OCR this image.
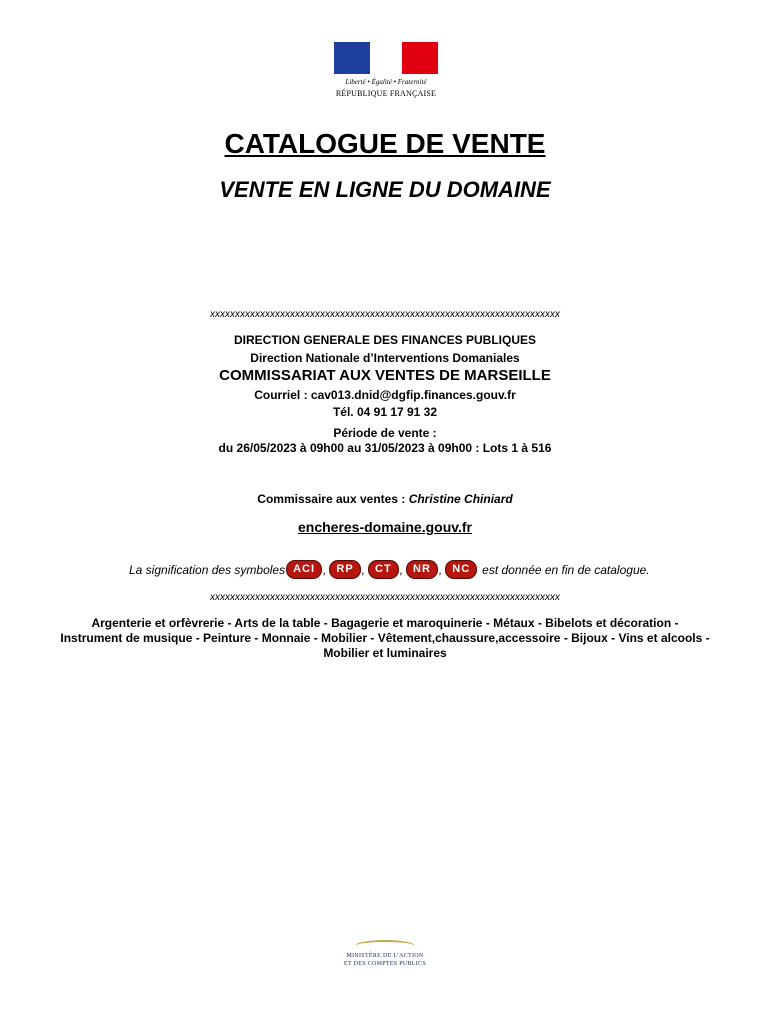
Liberté • Égalité • Fraternité
RÉPUBLIQUE FRANÇAISE
CATALOGUE DE VENTE
VENTE EN LIGNE DU DOMAINE
xxxxxxxxxxxxxxxxxxxxxxxxxxxxxxxxxxxxxxxxxxxxxxxxxxxxxxxxxxxxxxxxxxxxxx
DIRECTION GENERALE DES FINANCES PUBLIQUES
Direction Nationale d’Interventions Domaniales
COMMISSARIAT AUX VENTES DE MARSEILLE
Courriel : cav013.dnid@dgfip.finances.gouv.fr
Tél. 04 91 17 91 32
Période de vente :
du 26/05/2023 à 09h00 au 31/05/2023 à 09h00 : Lots 1 à 516
Commissaire aux ventes : Christine Chiniard
encheres-domaine.gouv.fr
La signification des symboles ACI , RP , CT , NR , NC	est donnée en fin de catalogue.
xxxxxxxxxxxxxxxxxxxxxxxxxxxxxxxxxxxxxxxxxxxxxxxxxxxxxxxxxxxxxxxxxxxxxx
Argenterie et orfèvrerie - Arts de la table - Bagagerie et maroquinerie - Métaux - Bibelots et décoration - Instrument de musique - Peinture - Monnaie - Mobilier - Vêtement,chaussure,accessoire - Bijoux - Vins et alcools - Mobilier et luminaires
MINISTÈRE DE L’ACTION
ET DES COMPTES PUBLICS
